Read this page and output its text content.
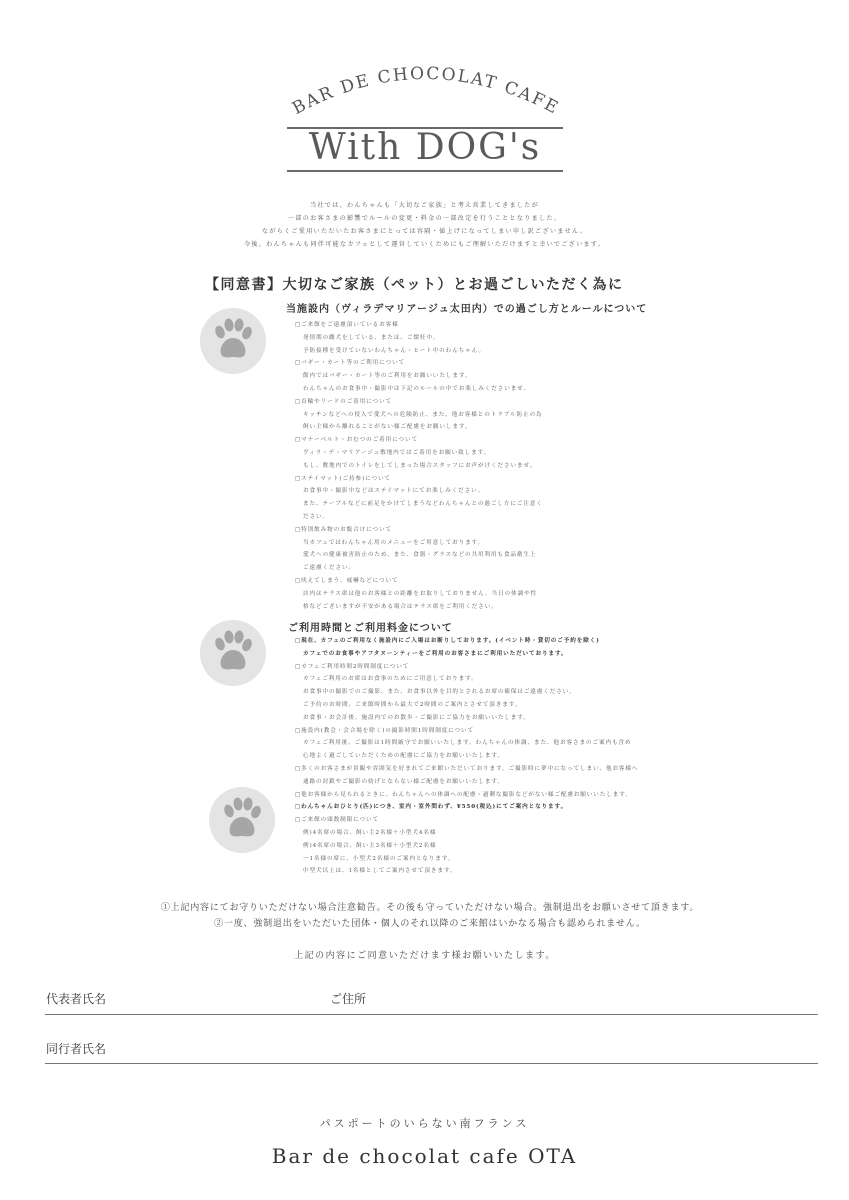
BAR DE CHOCOLAT CAFE
With DOG's
当社では、わんちゃんも「大切なご家族」と考え営業してきましたが
一部のお客さまの影響でルールの変更・料金の一部改定を行うこととなりました。
ながらくご愛用いただいたお客さまにとっては容隔・値上げになってしまい申し訳ございません。
今後、わんちゃんも同伴可能なカフェとして運営していくためにもご理解いただけますと幸いでございます。
【同意書】大切なご家族（ペット）とお過ごしいただく為に
当施設内（ヴィラデマリアージュ太田内）での過ごし方とルールについて
□ご来館をご遠慮頂いているお客様
発情期の雌犬をしている、または、ご懐妊中。
予防接種を受けていないわんちゃん・ヒート中のわんちゃん。
□バギー・カート等のご利用について
館内ではバギー・カート等のご利用をお願いいたします。
わんちゃんのお食事中・撮影中は下記のルールの中でお楽しみくださいませ。
□首輪やリードのご着用について
キッチンなどへの侵入で愛犬への危険防止、また、他お客様とのトラブル防止の為
飼い主様から離れることがない様ご配慮をお願いします。
□マナーベルト・おむつのご着用について
ヴィラ・デ・マリアージュ敷地内ではご着用をお願い致します。
もし、敷地内でのトイレをしてしまった場合スタッフにお声がけくださいませ。
□ステイマット(ご持参)について
お食事中・撮影中などはステイマットにてお楽しみください。
また、テーブルなどに前足をかけてしまうなどわんちゃんとの過ごし方にご注意く
ださい。
□特別飲み物のお飯合けについて
当カフェではわんちゃん用のメニューをご用意しております。
愛犬への健康被害防止のため、また、食器・グラスなどの共用利用も食品衛生上
ご遠慮ください。
□吠えてしまう、威嚇などについて
店内はテラス席は他のお客様との距離をお取りしておりません。当日の体調や性
格などございますが不安がある場合はテラス席をご利用ください。
ご利用時間とご利用料金について
□現在、カフェのご利用なく施設内にご入場はお断りしております。(イベント時・貸切のご予約を除く)
カフェでのお食事やアフタヌーンティーをご利用のお客さまにご利用いただいております。
□カフェご利用時間2時間制度について
カフェご利用のお席はお食事のためにご用意しております。
お食事中の撮影でのご撮影、また、お食事以外を目的とされるお席の確保はご遠慮ください。
ご予約のお時間、ご来館時間から最大で2時間のご案内とさせて頂きます。
お食事・お会計後、施設内でのお散歩・ご撮影にご協力をお願いいたします。
□施設内(教会・会合場を除く)の撮影時間1時間制度について
カフェご利用後、ご撮影は1時間厳守でお願いいたします。わんちゃんの体調、また、他お客さまのご案内も含め
心地よく過ごしていただくための配慮にご協力をお願いいたします。
□多くのお客さまが景観や雰囲気を好まれてご来館いただいております。ご撮影時に夢中になってしまい、他お客様へ
通路の封鎖やご撮影の妨げとならない様ご配慮をお願いいたします。
□他お客様から見られるときに、わんちゃんへの体調への配慮・過剰な撮影などがない様ご配慮お願いいたします。
□わんちゃんおひとり(匹)につき、室内・室外問わず、¥550(税込)にてご案内となります。
□ご来館の頭数制限について
例)4名席の場合、飼い主2名様＋小型犬4名様
例)4名席の場合、飼い主3名様＋小型犬2名様
一1名様の席に、小型犬2名様のご案内となります。
中型犬以上は、1名様としてご案内させて頂きます。
①上記内容にてお守りいただけない場合注意勧告。その後も守っていただけない場合。強制退出をお願いさせて頂きます。
②一度、強制退出をいただいた団体・個人のそれ以降のご来館はいかなる場合も認められません。
上記の内容にご同意いただけます様お願いいたします。
代表者氏名	ご住所
同行者氏名
パスポートのいらない南フランス
Bar de chocolat cafe OTA
